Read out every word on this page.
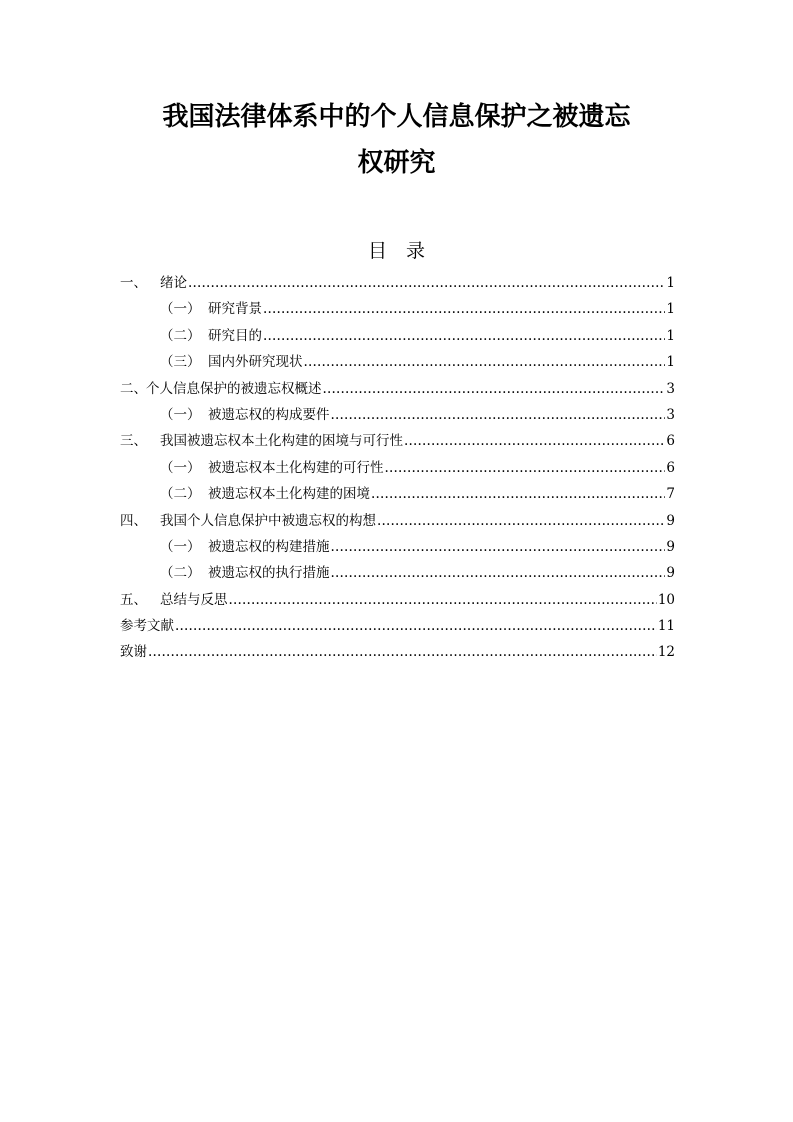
我国法律体系中的个人信息保护之被遗忘
权研究
目　录
一、 绪论 .....	1
（一） 研究背景 .....	1
（二） 研究目的 .....	1
（三） 国内外研究现状 .....	1
二、 个人信息保护的被遗忘权概述 .....	3
（一） 被遗忘权的构成要件 .....	3
三、 我国被遗忘权本土化构建的困境与可行性 .....	6
（一） 被遗忘权本土化构建的可行性 .....	6
（二） 被遗忘权本土化构建的困境 .....	7
四、 我国个人信息保护中被遗忘权的构想 .....	9
（一） 被遗忘权的构建措施 .....	9
（二） 被遗忘权的执行措施 .....	9
五、 总结与反思 .....	10
参考文献 .....	11
致谢 .....	12
